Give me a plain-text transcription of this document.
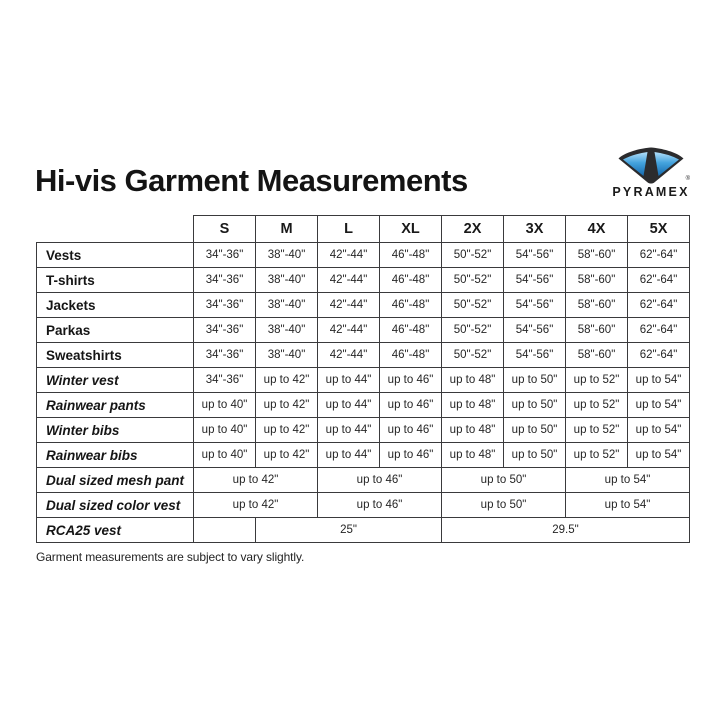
Hi-vis Garment Measurements	®
PYRAMEX
	S	M	L	XL	2X	3X	4X	5X
Vests	34"-36"	38"-40"	42"-44"	46"-48"	50"-52"	54"-56"	58"-60"	62"-64"
T-shirts	34"-36"	38"-40"	42"-44"	46"-48"	50"-52"	54"-56"	58"-60"	62"-64"
Jackets	34"-36"	38"-40"	42"-44"	46"-48"	50"-52"	54"-56"	58"-60"	62"-64"
Parkas	34"-36"	38"-40"	42"-44"	46"-48"	50"-52"	54"-56"	58"-60"	62"-64"
Sweatshirts	34"-36"	38"-40"	42"-44"	46"-48"	50"-52"	54"-56"	58"-60"	62"-64"
Winter vest	34"-36"	up to 42"	up to 44"	up to 46"	up to 48"	up to 50"	up to 52"	up to 54"
Rainwear pants	up to 40"	up to 42"	up to 44"	up to 46"	up to 48"	up to 50"	up to 52"	up to 54"
Winter bibs	up to 40"	up to 42"	up to 44"	up to 46"	up to 48"	up to 50"	up to 52"	up to 54"
Rainwear bibs	up to 40"	up to 42"	up to 44"	up to 46"	up to 48"	up to 50"	up to 52"	up to 54"
Dual sized mesh pant	up to 42"		up to 46"		up to 50"		up to 54"	
Dual sized color vest	up to 42"		up to 46"		up to 50"		up to 54"	
RCA25 vest		25"			29.5"			
Garment measurements are subject to vary slightly.
